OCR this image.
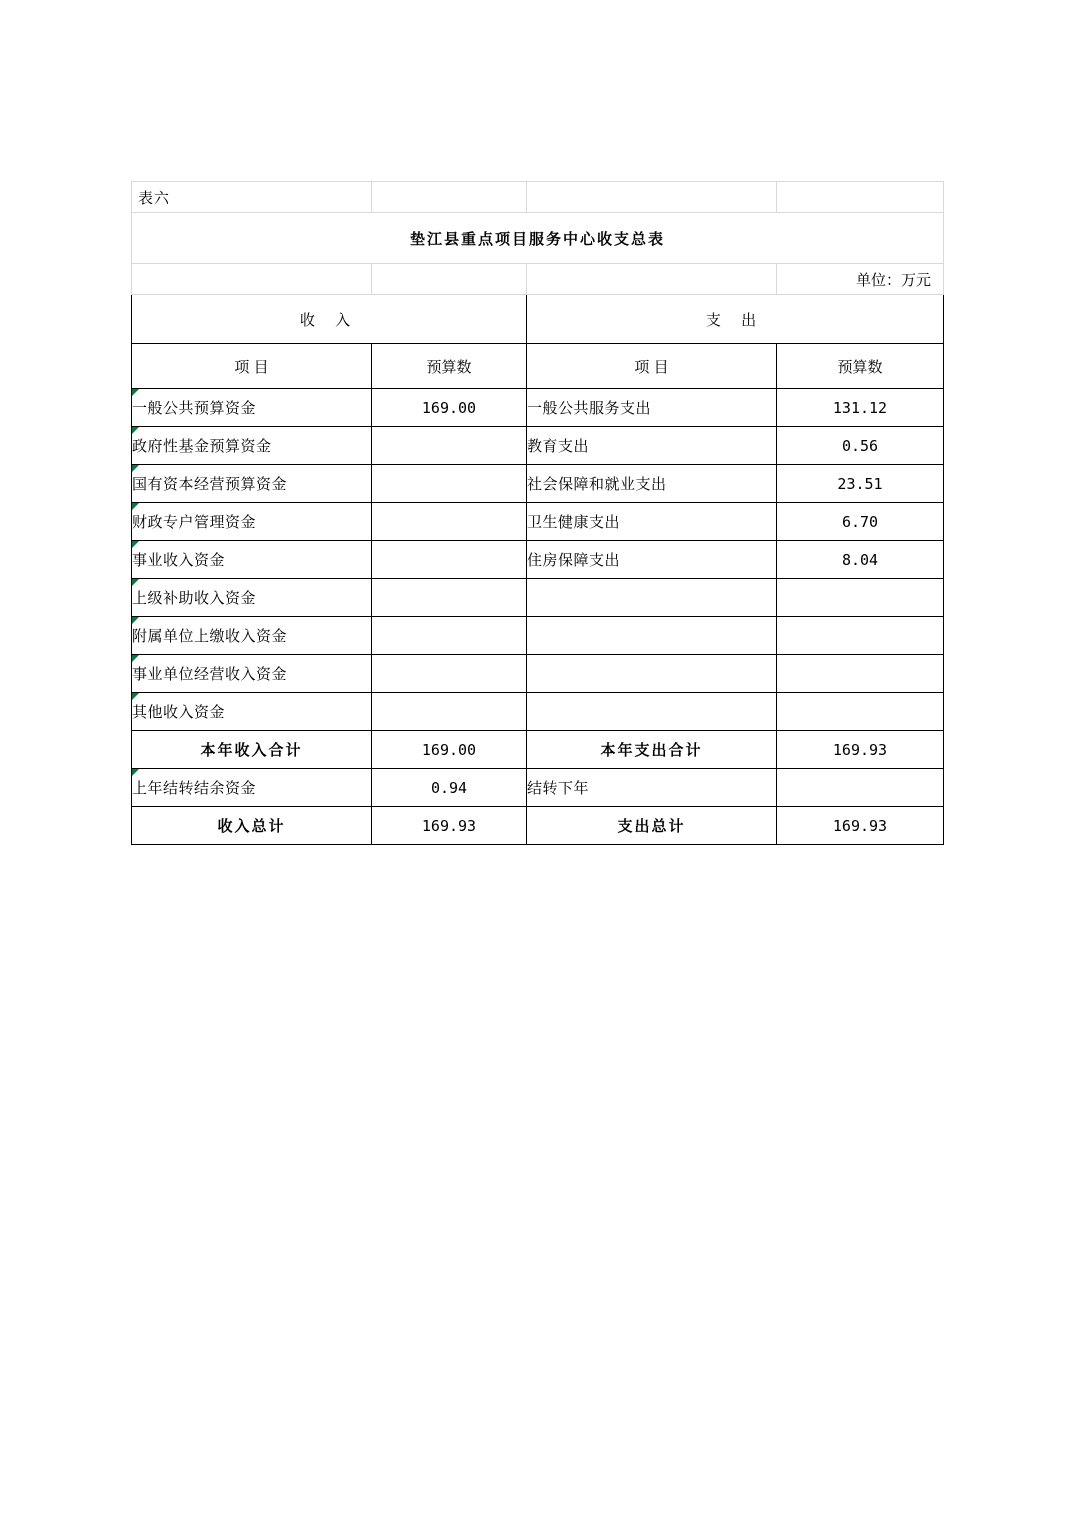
表六			
垫江县重点项目服务中心收支总表			
			单位：万元
收 入		支 出	
项 目	预算数	项 目	预算数
一般公共预算资金	169.00	一般公共服务支出	131.12
政府性基金预算资金		教育支出	0.56
国有资本经营预算资金		社会保障和就业支出	23.51
财政专户管理资金		卫生健康支出	6.70
事业收入资金		住房保障支出	8.04
上级补助收入资金			
附属单位上缴收入资金			
事业单位经营收入资金			
其他收入资金			
本年收入合计	169.00	本年支出合计	169.93
上年结转结余资金	0.94	结转下年	
收入总计	169.93	支出总计	169.93
